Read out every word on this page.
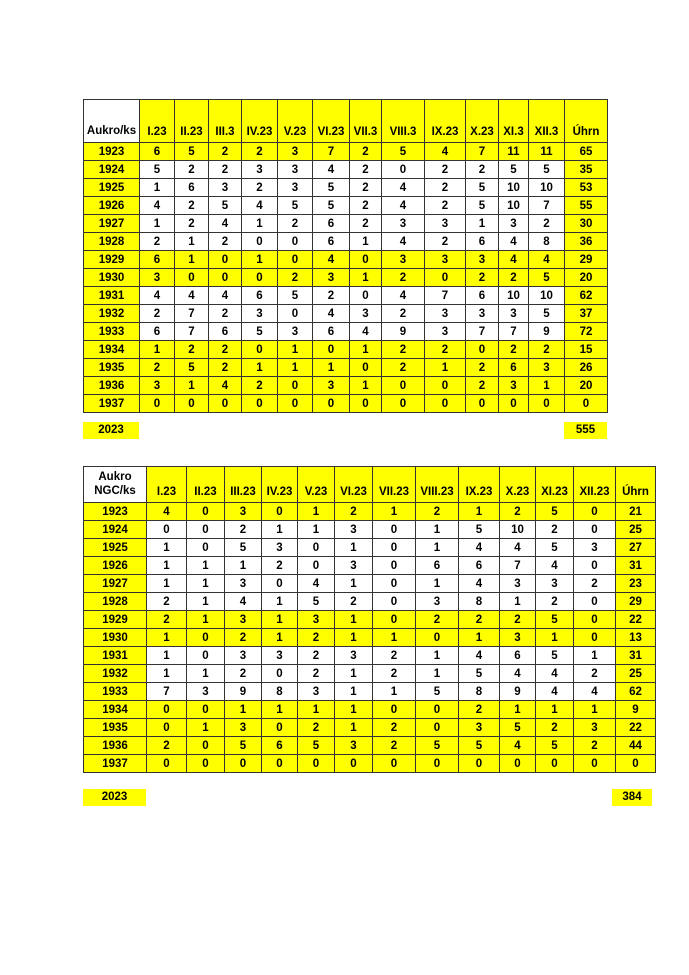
Aukro/ks	I.23	II.23	III.3	IV.23	V.23	VI.23	VII.3	VIII.3	IX.23	X.23	XI.3	XII.3	Úhrn
1923	6	5	2	2	3	7	2	5	4	7	11	11	65
1924	5	2	2	3	3	4	2	0	2	2	5	5	35
1925	1	6	3	2	3	5	2	4	2	5	10	10	53
1926	4	2	5	4	5	5	2	4	2	5	10	7	55
1927	1	2	4	1	2	6	2	3	3	1	3	2	30
1928	2	1	2	0	0	6	1	4	2	6	4	8	36
1929	6	1	0	1	0	4	0	3	3	3	4	4	29
1930	3	0	0	0	2	3	1	2	0	2	2	5	20
1931	4	4	4	6	5	2	0	4	7	6	10	10	62
1932	2	7	2	3	0	4	3	2	3	3	3	5	37
1933	6	7	6	5	3	6	4	9	3	7	7	9	72
1934	1	2	2	0	1	0	1	2	2	0	2	2	15
1935	2	5	2	1	1	1	0	2	1	2	6	3	26
1936	3	1	4	2	0	3	1	0	0	2	3	1	20
1937	0	0	0	0	0	0	0	0	0	0	0	0	0
2023	555
Aukro
NGC/ks	I.23	II.23	III.23	IV.23	V.23	VI.23	VII.23	VIII.23	IX.23	X.23	XI.23	XII.23	Úhrn
1923	4	0	3	0	1	2	1	2	1	2	5	0	21
1924	0	0	2	1	1	3	0	1	5	10	2	0	25
1925	1	0	5	3	0	1	0	1	4	4	5	3	27
1926	1	1	1	2	0	3	0	6	6	7	4	0	31
1927	1	1	3	0	4	1	0	1	4	3	3	2	23
1928	2	1	4	1	5	2	0	3	8	1	2	0	29
1929	2	1	3	1	3	1	0	2	2	2	5	0	22
1930	1	0	2	1	2	1	1	0	1	3	1	0	13
1931	1	0	3	3	2	3	2	1	4	6	5	1	31
1932	1	1	2	0	2	1	2	1	5	4	4	2	25
1933	7	3	9	8	3	1	1	5	8	9	4	4	62
1934	0	0	1	1	1	1	0	0	2	1	1	1	9
1935	0	1	3	0	2	1	2	0	3	5	2	3	22
1936	2	0	5	6	5	3	2	5	5	4	5	2	44
1937	0	0	0	0	0	0	0	0	0	0	0	0	0
2023	384
